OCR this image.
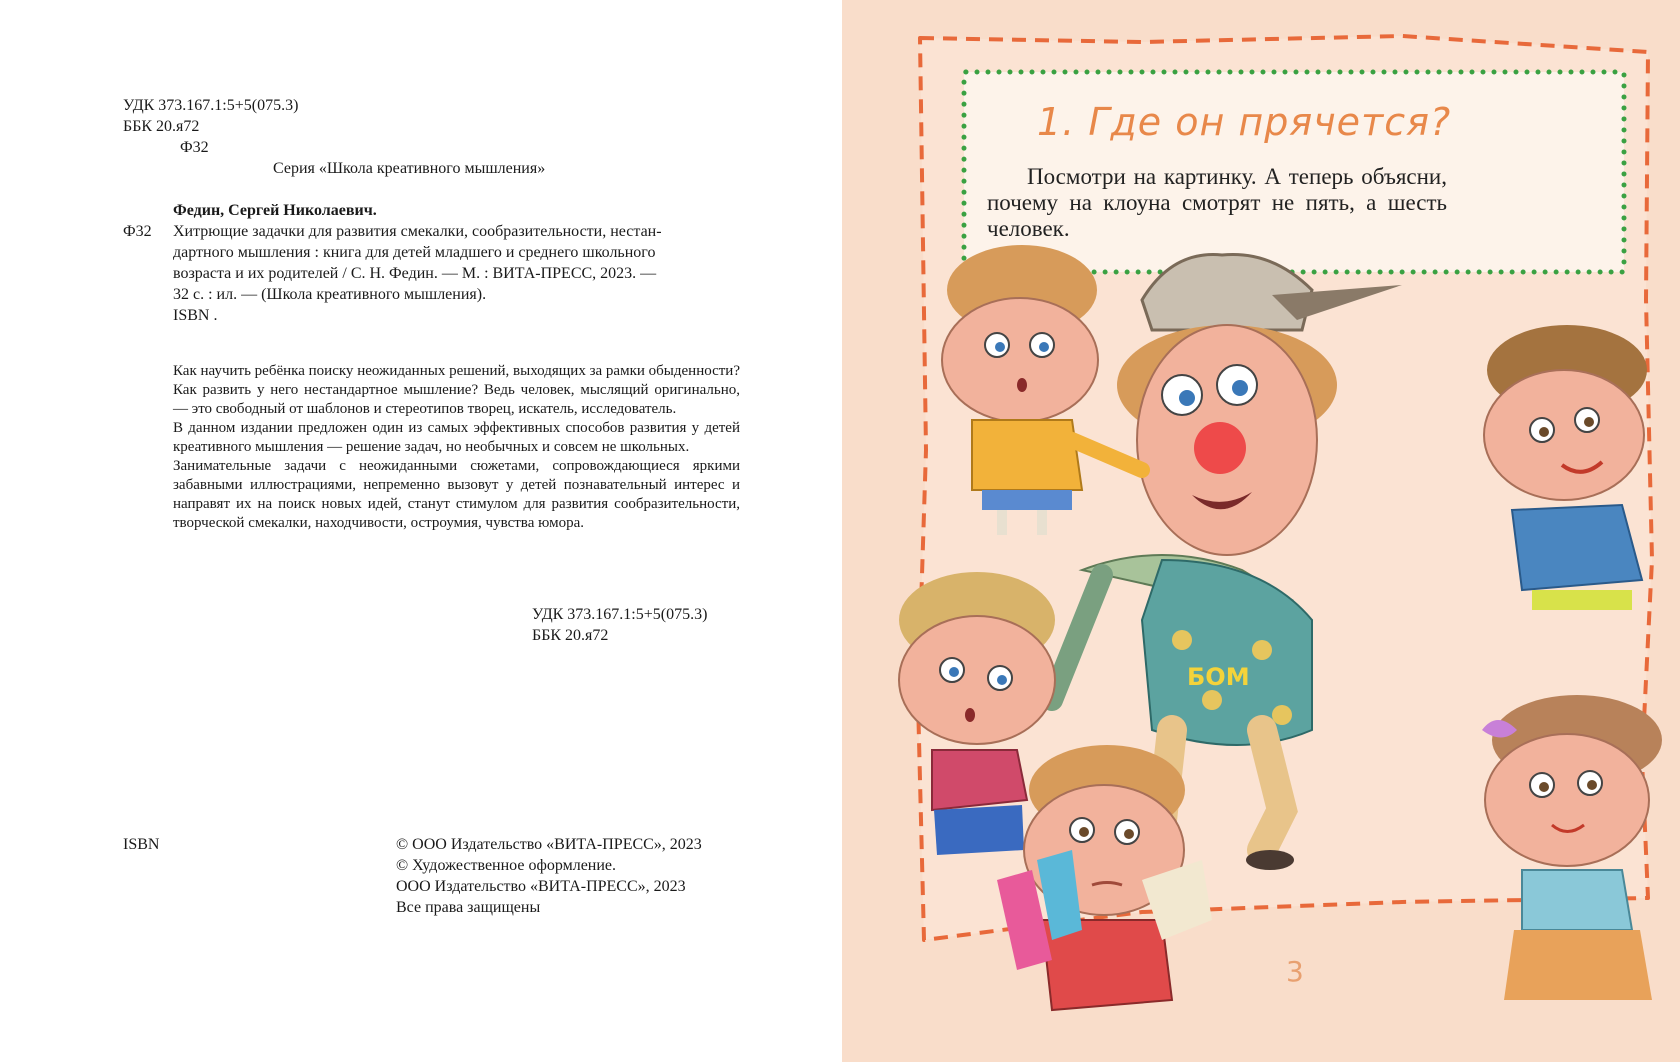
УДК 373.167.1:5+5(075.3)
ББК 20.я72
Ф32
Серия «Школа креативного мышления»
Федин, Сергей Николаевич.
Ф32 Хитрющие задачки для развития смекалки, сообразительности, нестан-
дартного мышления : книга для детей младшего и среднего школьного
возраста и их родителей / С. Н. Федин. — М. : ВИТА-ПРЕСС, 2023. —
32 с. : ил. — (Школа креативного мышления).
ISBN .

Как научить ребёнка поиску неожиданных решений, выходящих за рамки обыденности? Как развить у него нестандартное мышление? Ведь человек, мыслящий оригинально, — это свободный от шаблонов и стереотипов творец, искатель, исследователь.

В данном издании предложен один из самых эффективных способов развития у детей креативного мышления — решение задач, но необычных и совсем не школьных.

Занимательные задачи с неожиданными сюжетами, сопровождающиеся яркими забавными иллюстрациями, непременно вызовут у детей познавательный интерес и направят их на поиск новых идей, станут стимулом для развития сообразительности, творческой смекалки, находчивости, остроумия, чувства юмора.

УДК 373.167.1:5+5(075.3)
ББК 20.я72
ISBN	© ООО Издательство «ВИТА-ПРЕСС», 2023
© Художественное оформление.
ООО Издательство «ВИТА-ПРЕСС», 2023
Все права защищены
1. Где он прячется?
Посмотри на картинку. А теперь объясни, почему на клоуна смотрят не пять, а шесть человек.
БОМ
3
